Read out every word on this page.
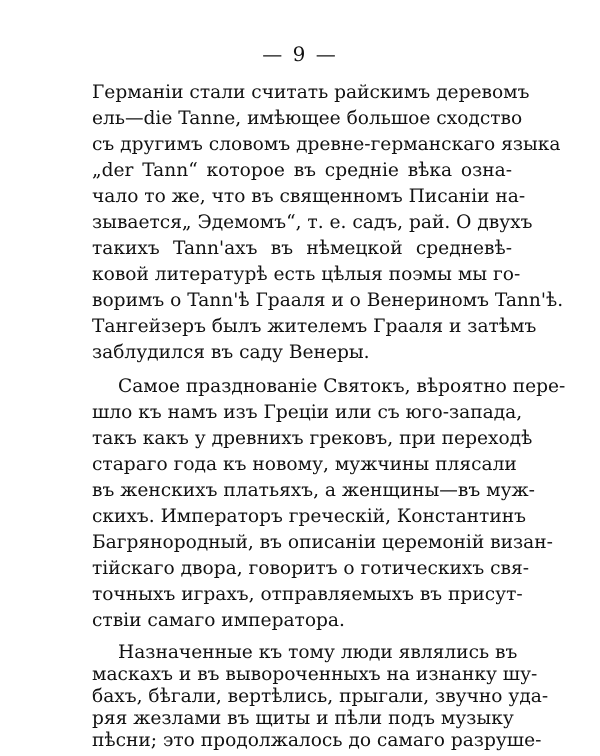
— 9 —
Германіи стали считать райскимъ деревомъ
ель—die Tanne, имѣющее большое сходство
съ другимъ словомъ древне-германскаго языка
„der Tann“ которое въ средніе вѣка озна-
чало то же, что въ священномъ Писаніи на-
зывается„ Эдемомъ“, т. е. садъ, рай. О двухъ
такихъ Tann'ахъ въ нѣмецкой средневѣ-
ковой литературѣ есть цѣлыя поэмы мы го-
воримъ о Tann'ѣ Грааля и о Венериномъ Tann'ѣ.
Тангейзеръ былъ жителемъ Грааля и затѣмъ
заблудился въ саду Венеры.
Самое празднованіе Святокъ, вѣроятно пере-
шло къ намъ изъ Греціи или съ юго-запада,
такъ какъ у древнихъ грековъ, при переходѣ
стараго года къ новому, мужчины плясали
въ женскихъ платьяхъ, а женщины—въ муж-
скихъ. Императоръ греческій, Константинъ
Багрянородный, въ описаніи церемоній визан-
тійскаго двора, говоритъ о готическихъ свя-
точныхъ играхъ, отправляемыхъ въ присут-
ствіи самаго императора.
Назначенные къ тому люди являлись въ
маскахъ и въ вывороченныхъ на изнанку шу-
бахъ, бѣгали, вертѣлись, прыгали, звучно уда-
ряя жезлами въ щиты и пѣли подъ музыку
пѣсни; это продолжалось до самаго разруше-
